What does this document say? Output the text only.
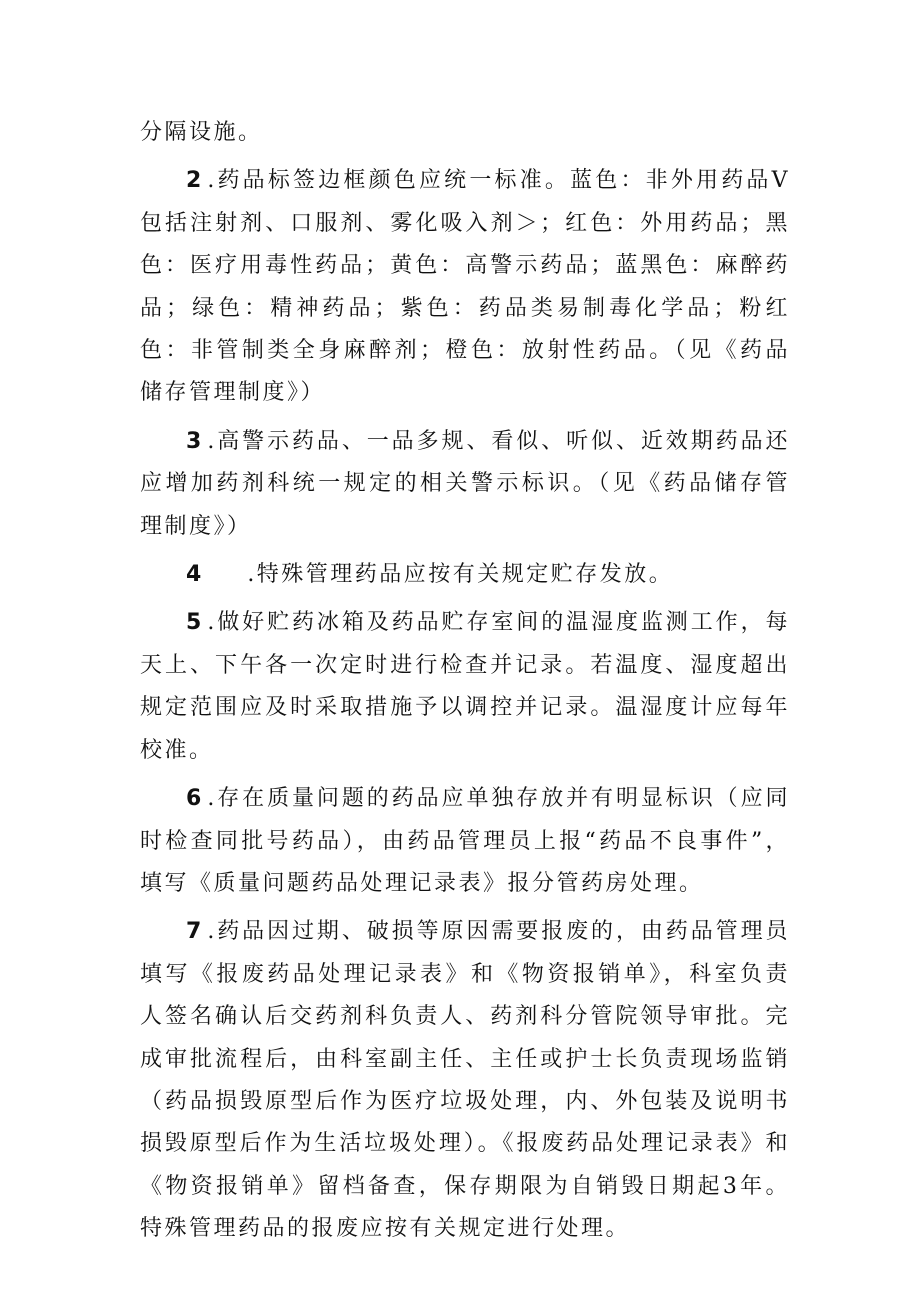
分隔设施。

2 .药品标签边框颜色应统一标准。蓝色：非外用药品V包括注射剂、口服剂、雾化吸入剂＞；红色：外用药品；黑色：医疗用毒性药品；黄色：高警示药品；蓝黑色：麻醉药品；绿色：精神药品；紫色：药品类易制毒化学品；粉红色：非管制类全身麻醉剂；橙色：放射性药品。（见《药品储存管理制度》）

3 .高警示药品、一品多规、看似、听似、近效期药品还应增加药剂科统一规定的相关警示标识。（见《药品储存管理制度》）

4 .特殊管理药品应按有关规定贮存发放。

5 .做好贮药冰箱及药品贮存室间的温湿度监测工作，每天上、下午各一次定时进行检查并记录。若温度、湿度超出规定范围应及时采取措施予以调控并记录。温湿度计应每年校准。

6 .存在质量问题的药品应单独存放并有明显标识（应同时检查同批号药品），由药品管理员上报“药品不良事件”，填写《质量问题药品处理记录表》报分管药房处理。

7 .药品因过期、破损等原因需要报废的，由药品管理员填写《报废药品处理记录表》和《物资报销单》，科室负责人签名确认后交药剂科负责人、药剂科分管院领导审批。完成审批流程后，由科室副主任、主任或护士长负责现场监销（药品损毁原型后作为医疗垃圾处理，内、外包装及说明书损毁原型后作为生活垃圾处理）。《报废药品处理记录表》和《物资报销单》留档备查，保存期限为自销毁日期起3年。特殊管理药品的报废应按有关规定进行处理。
